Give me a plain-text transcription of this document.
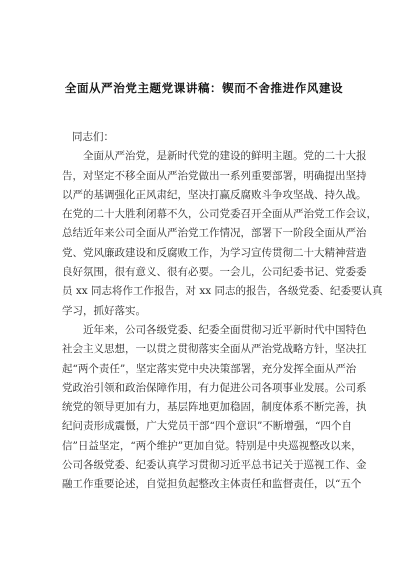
全面从严治党主题党课讲稿：锲而不舍推进作风建设
同志们：
全面从严治党，是新时代党的建设的鲜明主题。党的二十大报
告，对坚定不移全面从严治党做出一系列重要部署，明确提出坚持
以严的基调强化正风肃纪，坚决打赢反腐败斗争攻坚战、持久战。
在党的二十大胜利闭幕不久，公司党委召开全面从严治党工作会议，
总结近年来公司全面从严治党工作情况，部署下一阶段全面从严治
党、党风廉政建设和反腐败工作，为学习宣传贯彻二十大精神营造
良好氛围，很有意义、很有必要。一会儿，公司纪委书记、党委委
员 xx 同志将作工作报告，对 xx 同志的报告，各级党委、纪委要认真
学习，抓好落实。
近年来，公司各级党委、纪委全面贯彻习近平新时代中国特色
社会主义思想，一以贯之贯彻落实全面从严治党战略方针，坚决扛
起“两个责任”，坚定落实党中央决策部署，充分发挥全面从严治
党政治引领和政治保障作用，有力促进公司各项事业发展。公司系
统党的领导更加有力，基层阵地更加稳固，制度体系不断完善，执
纪问责形成震慑，广大党员干部“四个意识”不断增强，“四个自
信”日益坚定，“两个维护”更加自觉。特别是中央巡视整改以来，
公司各级党委、纪委认真学习贯彻习近平总书记关于巡视工作、金
融工作重要论述，自觉担负起整改主体责任和监督责任，以“五个
